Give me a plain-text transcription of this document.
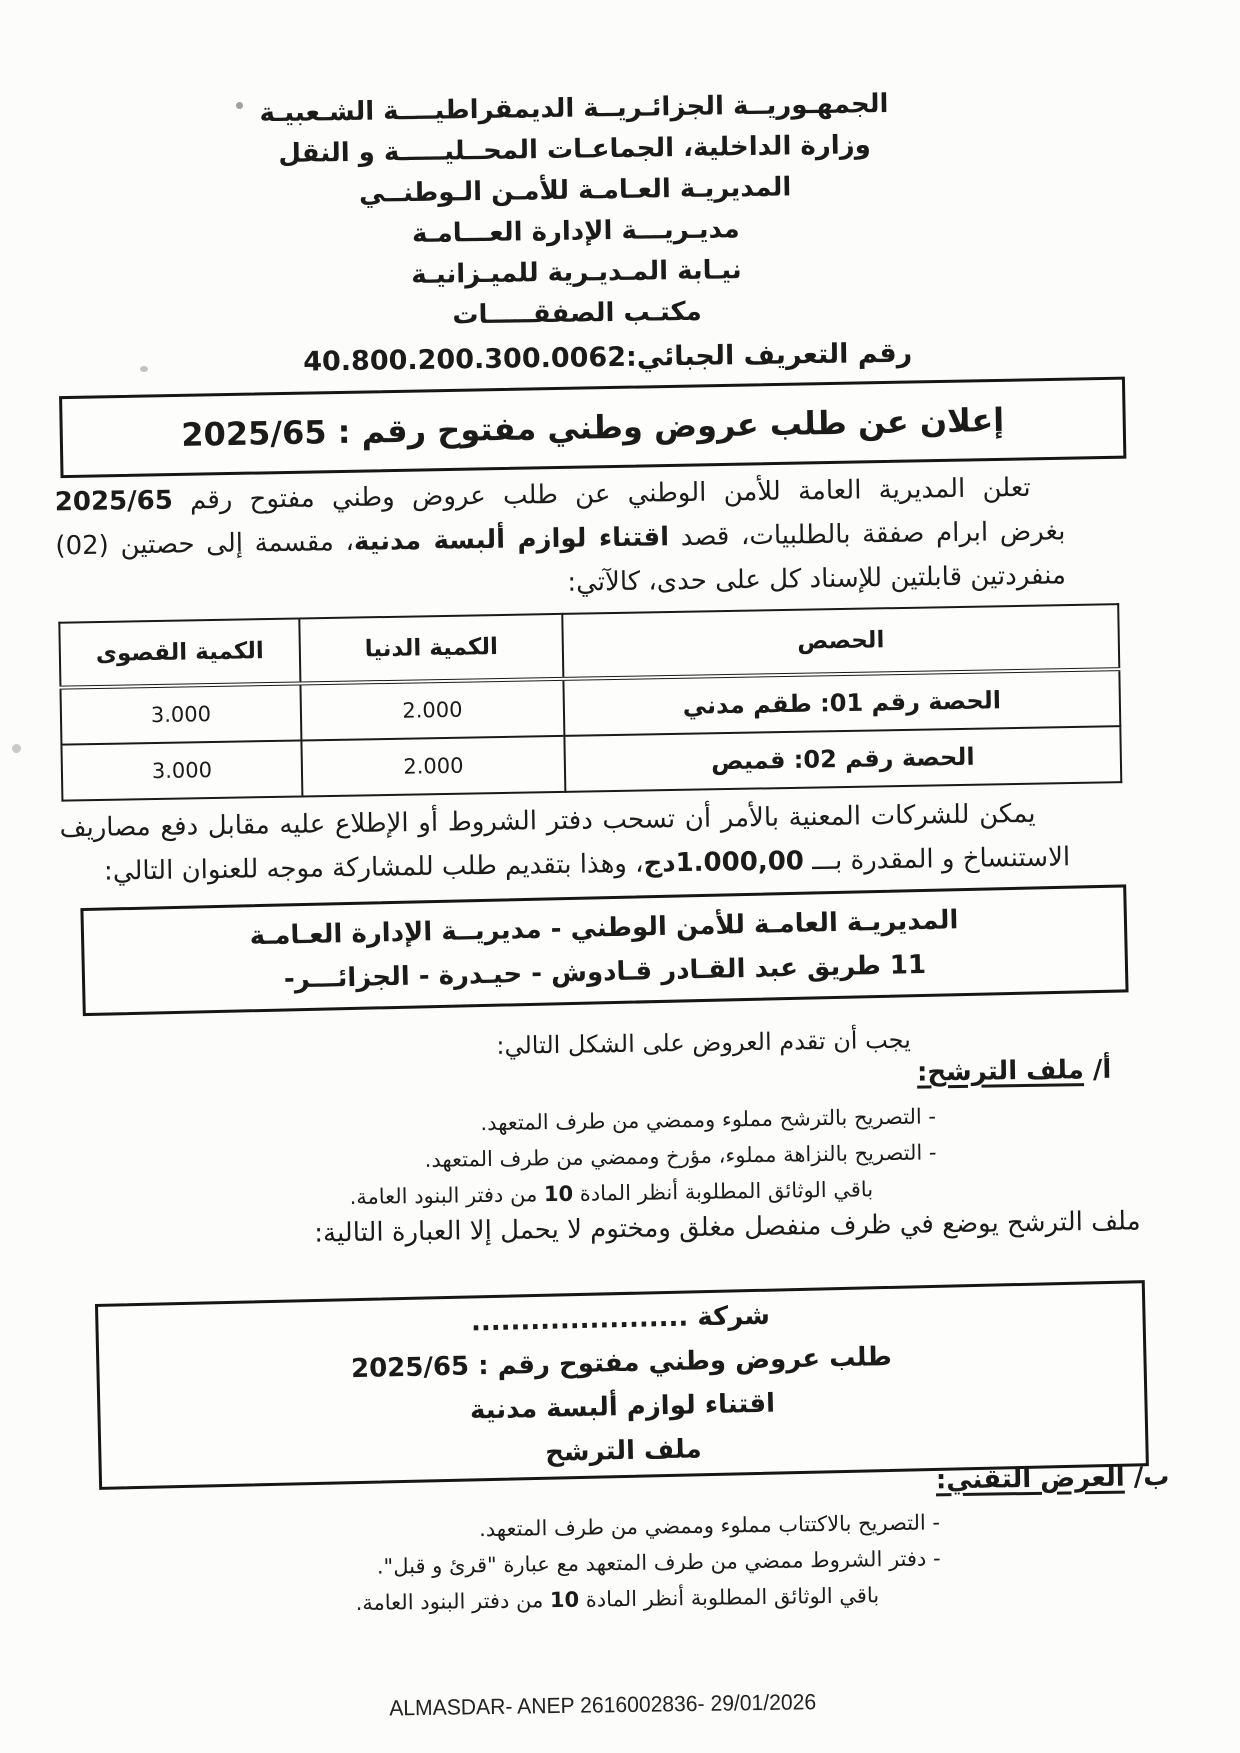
الجمهـوريــة الجزائـريــة الديمقراطيــــة الشـعبيـة
وزارة الداخلية، الجماعـات المحــليـــــة و النقل
المديريـة العـامـة للأمـن الـوطنــي
مديـريـــة الإدارة العـــامـة
نيـابة المـديـرية للميـزانيـة
مكتـب الصفقـــــات
رقم التعريف الجبائي:40.800.200.300.0062
إعلان عن طلب عروض وطني مفتوح رقم : 2025/65
تعلن المديرية العامة للأمن الوطني عن طلب عروض وطني مفتوح رقم 2025/65
بغرض ابرام صفقة بالطلبيات، قصد اقتناء لوازم ألبسة مدنية، مقسمة إلى حصتين (02)
منفردتين قابلتين للإسناد كل على حدى، كالآتي:
الحصص	الكمية الدنيا	الكمية القصوى
الحصة رقم 01: طقم مدني	2.000	3.000
الحصة رقم 02: قميص	2.000	3.000
يمكن للشركات المعنية بالأمر أن تسحب دفتر الشروط أو الإطلاع عليه مقابل دفع مصاريف
الاستنساخ و المقدرة بـــ 1.000,00دج، وهذا بتقديم طلب للمشاركة موجه للعنوان التالي:
المديريـة العامـة للأمن الوطني - مديريــة الإدارة العـامـة
11 طريق عبد القـادر قـادوش - حيـدرة - الجزائـــر-
يجب أن تقدم العروض على الشكل التالي:
أ/ ملف الترشح:
- التصريح بالترشح مملوء وممضي من طرف المتعهد.
- التصريح بالنزاهة مملوء، مؤرخ وممضي من طرف المتعهد.
باقي الوثائق المطلوبة أنظر المادة 10 من دفتر البنود العامة.
ملف الترشح يوضع في ظرف منفصل مغلق ومختوم لا يحمل إلا العبارة التالية:
شركة ......................
طلب عروض وطني مفتوح رقم : 2025/65
اقتناء لوازم ألبسة مدنية
ملف الترشح
ب/ العرض التقني:
- التصريح بالاكتتاب مملوء وممضي من طرف المتعهد.
- دفتر الشروط ممضي من طرف المتعهد مع عبارة "قرئ و قبل".
باقي الوثائق المطلوبة أنظر المادة 10 من دفتر البنود العامة.
ALMASDAR- ANEP 2616002836- 29/01/2026
